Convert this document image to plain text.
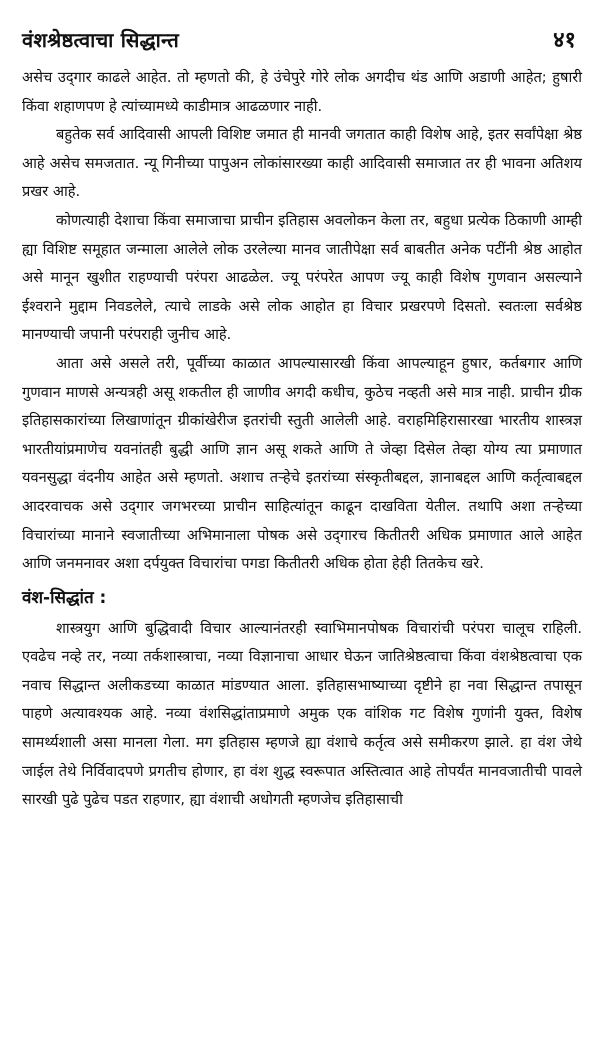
वंशश्रेष्ठत्वाचा सिद्धान्त	४१

असेच उद्‌गार काढले आहेत. तो म्हणतो की, हे उंचेपुरे गोरे लोक अगदीच थंड आणि अडाणी आहेत; हुषारी किंवा शहाणपण हे त्यांच्यामध्ये काडीमात्र आढळणार नाही.

बहुतेक सर्व आदिवासी आपली विशिष्ट जमात ही मानवी जगतात काही विशेष आहे, इतर सर्वांपेक्षा श्रेष्ठ आहे असेच समजतात. न्यू गिनीच्या पापुअन लोकांसारख्या काही आदिवासी समाजात तर ही भावना अतिशय प्रखर आहे.

कोणत्याही देशाचा किंवा समाजाचा प्राचीन इतिहास अवलोकन केला तर, बहुधा प्रत्येक ठिकाणी आम्ही ह्या विशिष्ट समूहात जन्माला आलेले लोक उरलेल्या मानव जातीपेक्षा सर्व बाबतीत अनेक पटींनी श्रेष्ठ आहोत असे मानून खुशीत राहण्याची परंपरा आढळेल. ज्यू परंपरेत आपण ज्यू काही विशेष गुणवान असल्याने ईश्वराने मुद्दाम निवडलेले, त्याचे लाडके असे लोक आहोत हा विचार प्रखरपणे दिसतो. स्वतःला सर्वश्रेष्ठ मानण्याची जपानी परंपराही जुनीच आहे.

आता असे असले तरी, पूर्वीच्या काळात आपल्यासारखी किंवा आपल्याहून हुषार, कर्तबगार आणि गुणवान माणसे अन्यत्रही असू शकतील ही जाणीव अगदी कधीच, कुठेच नव्हती असे मात्र नाही. प्राचीन ग्रीक इतिहासकारांच्या लिखाणांतून ग्रीकांखेरीज इतरांची स्तुती आलेली आहे. वराहमिहिरासारखा भारतीय शास्त्रज्ञ भारतीयांप्रमाणेच यवनांतही बुद्धी आणि ज्ञान असू शकते आणि ते जेव्हा दिसेल तेव्हा योग्य त्या प्रमाणात यवनसुद्धा वंदनीय आहेत असे म्हणतो. अशाच तऱ्हेचे इतरांच्या संस्कृतीबद्दल, ज्ञानाबद्दल आणि कर्तृत्वाबद्दल आदरवाचक असे उद्‌गार जगभरच्या प्राचीन साहित्यांतून काढून दाखविता येतील. तथापि अशा तऱ्हेच्या विचारांच्या मानाने स्वजातीच्या अभिमानाला पोषक असे उद्‌गारच कितीतरी अधिक प्रमाणात आले आहेत आणि जनमनावर अशा दर्पयुक्त विचारांचा पगडा कितीतरी अधिक होता हेही तितकेच खरे.

वंश-सिद्धांत :

शास्त्रयुग आणि बुद्धिवादी विचार आल्यानंतरही स्वाभिमानपोषक विचारांची परंपरा चालूच राहिली. एवढेच नव्हे तर, नव्या तर्कशास्त्राचा, नव्या विज्ञानाचा आधार घेऊन जातिश्रेष्ठत्वाचा किंवा वंशश्रेष्ठत्वाचा एक नवाच सिद्धान्त अलीकडच्या काळात मांडण्यात आला. इतिहासभाष्याच्या दृष्टीने हा नवा सिद्धान्त तपासून पाहणे अत्यावश्यक आहे. नव्या वंशसिद्धांताप्रमाणे अमुक एक वांशिक गट विशेष गुणांनी युक्त, विशेष सामर्थ्यशाली असा मानला गेला. मग इतिहास म्हणजे ह्या वंशाचे कर्तृत्व असे समीकरण झाले. हा वंश जेथे जाईल तेथे निर्विवादपणे प्रगतीच होणार, हा वंश शुद्ध स्वरूपात अस्तित्वात आहे तोपर्यंत मानवजातीची पावले सारखी पुढे पुढेच पडत राहणार, ह्या वंशाची अधोगती म्हणजेच इतिहासाची
